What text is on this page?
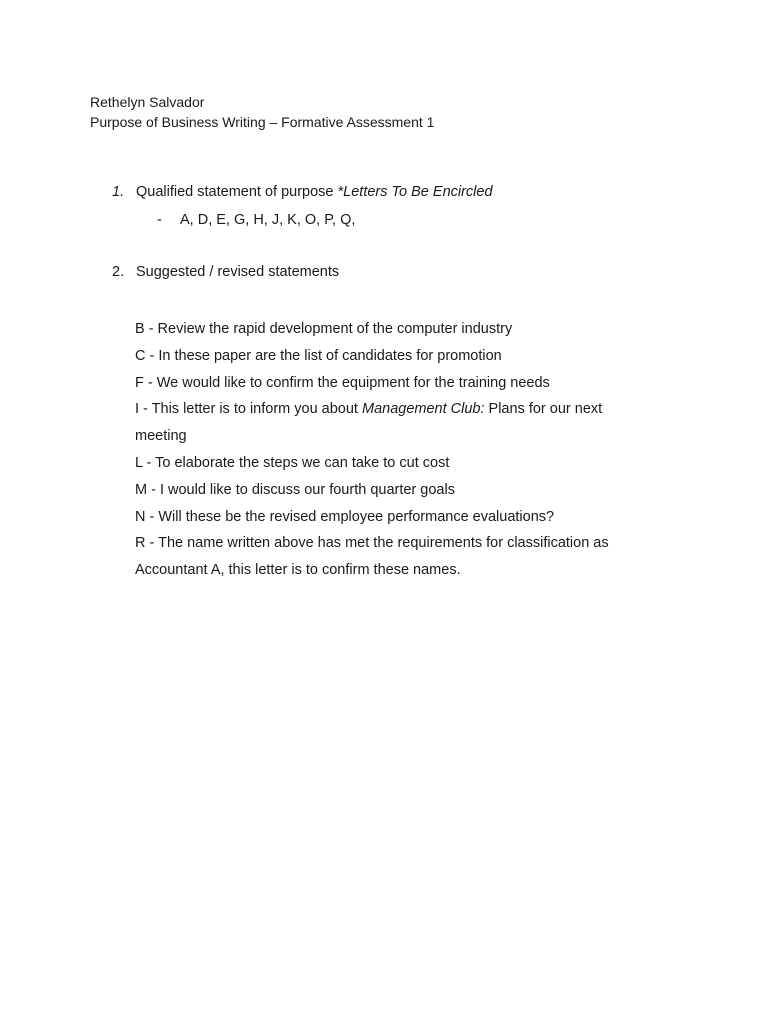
Rethelyn Salvador
Purpose of Business Writing – Formative Assessment 1
1. Qualified statement of purpose *Letters To Be Encircled
- A, D, E, G, H, J, K, O, P, Q,
2. Suggested / revised statements
B - Review the rapid development of the computer industry
C - In these paper are the list of candidates for promotion
F - We would like to confirm the equipment for the training needs
I - This letter is to inform you about Management Club: Plans for our next meeting
L - To elaborate the steps we can take to cut cost
M - I would like to discuss our fourth quarter goals
N - Will these be the revised employee performance evaluations?
R - The name written above has met the requirements for classification as Accountant A, this letter is to confirm these names.
